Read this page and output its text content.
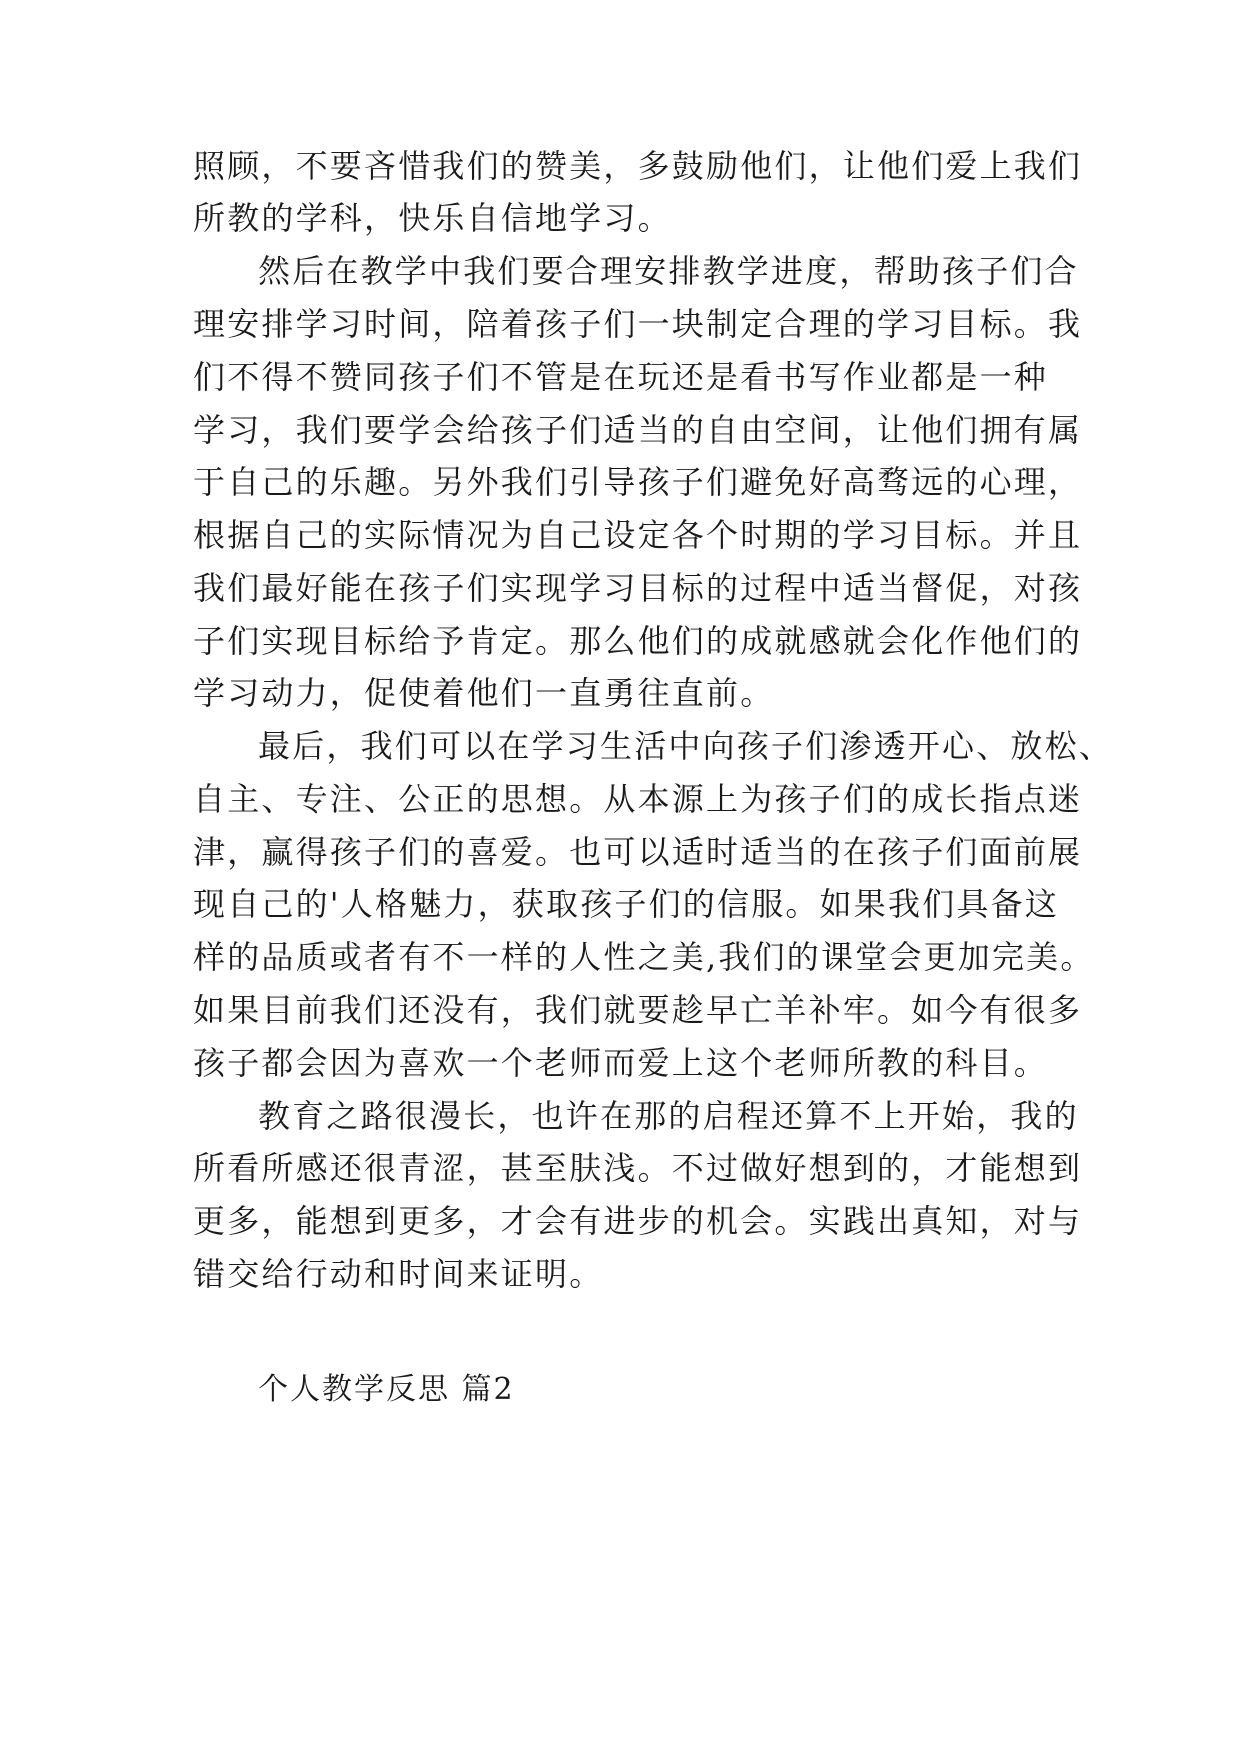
照顾，不要吝惜我们的赞美，多鼓励他们，让他们爱上我们
所教的学科，快乐自信地学习。
然后在教学中我们要合理安排教学进度，帮助孩子们合
理安排学习时间，陪着孩子们一块制定合理的学习目标。我
们不得不赞同孩子们不管是在玩还是看书写作业都是一种
学习，我们要学会给孩子们适当的自由空间，让他们拥有属
于自己的乐趣。另外我们引导孩子们避免好高骛远的心理，
根据自己的实际情况为自己设定各个时期的学习目标。并且
我们最好能在孩子们实现学习目标的过程中适当督促，对孩
子们实现目标给予肯定。那么他们的成就感就会化作他们的
学习动力，促使着他们一直勇往直前。
最后，我们可以在学习生活中向孩子们渗透开心、放松、
自主、专注、公正的思想。从本源上为孩子们的成长指点迷
津，赢得孩子们的喜爱。也可以适时适当的在孩子们面前展
现自己的'人格魅力，获取孩子们的信服。如果我们具备这
样的品质或者有不一样的人性之美,我们的课堂会更加完美。
如果目前我们还没有，我们就要趁早亡羊补牢。如今有很多
孩子都会因为喜欢一个老师而爱上这个老师所教的科目。
教育之路很漫长，也许在那的启程还算不上开始，我的
所看所感还很青涩，甚至肤浅。不过做好想到的，才能想到
更多，能想到更多，才会有进步的机会。实践出真知，对与
错交给行动和时间来证明。
个人教学反思 篇2
